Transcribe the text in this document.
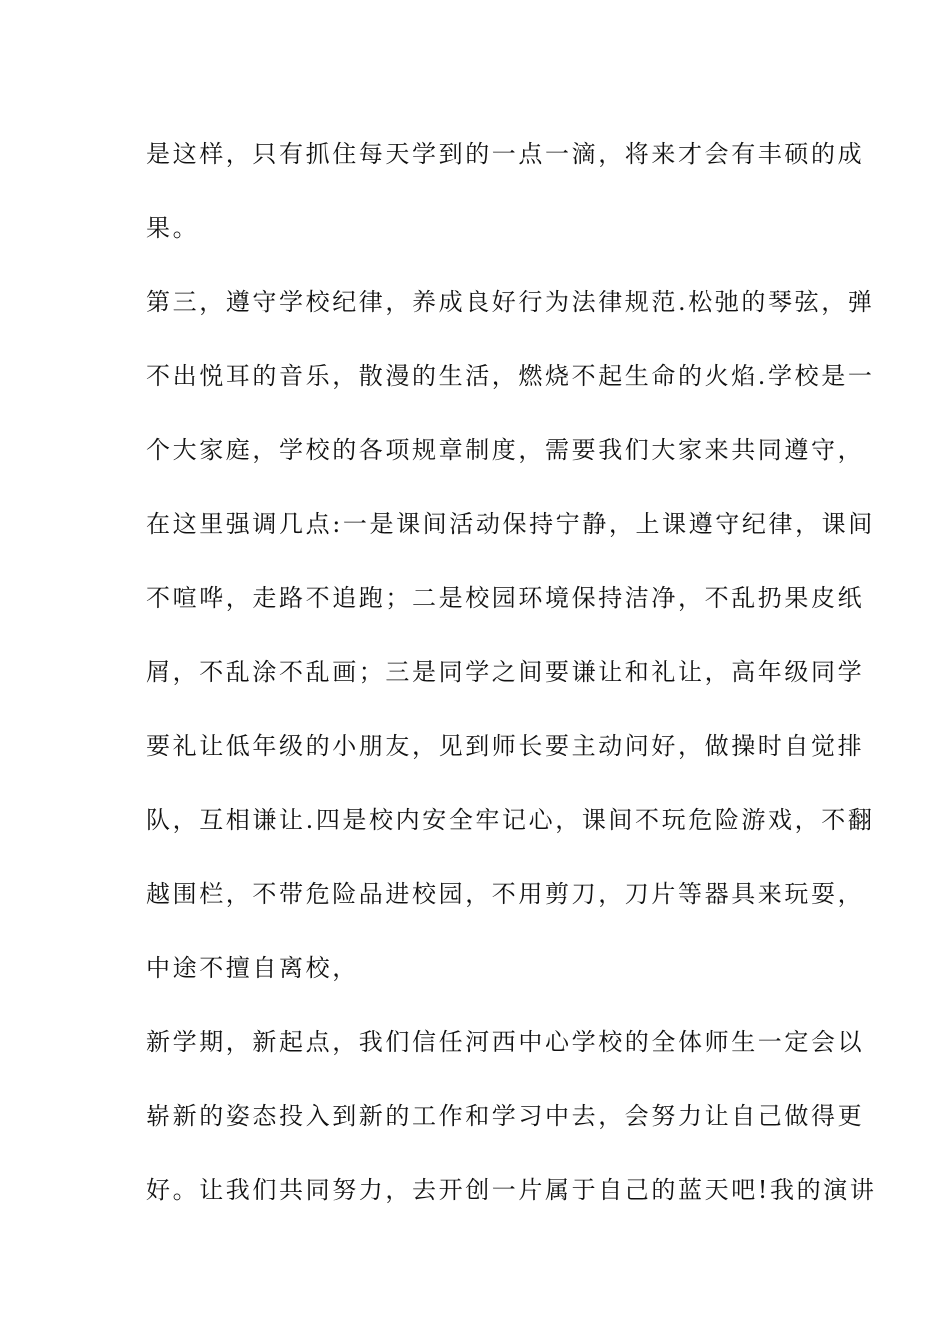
是这样，只有抓住每天学到的一点一滴，将来才会有丰硕的成
果。
第三，遵守学校纪律，养成良好行为法律规范.松弛的琴弦，弹
不出悦耳的音乐，散漫的生活，燃烧不起生命的火焰.学校是一
个大家庭，学校的各项规章制度，需要我们大家来共同遵守，
在这里强调几点:一是课间活动保持宁静，上课遵守纪律，课间
不喧哗，走路不追跑；二是校园环境保持洁净，不乱扔果皮纸
屑，不乱涂不乱画；三是同学之间要谦让和礼让，高年级同学
要礼让低年级的小朋友，见到师长要主动问好，做操时自觉排
队，互相谦让.四是校内安全牢记心，课间不玩危险游戏，不翻
越围栏，不带危险品进校园，不用剪刀，刀片等器具来玩耍，
中途不擅自离校，
新学期，新起点，我们信任河西中心学校的全体师生一定会以
崭新的姿态投入到新的工作和学习中去，会努力让自己做得更
好。让我们共同努力，去开创一片属于自己的蓝天吧!我的演讲
